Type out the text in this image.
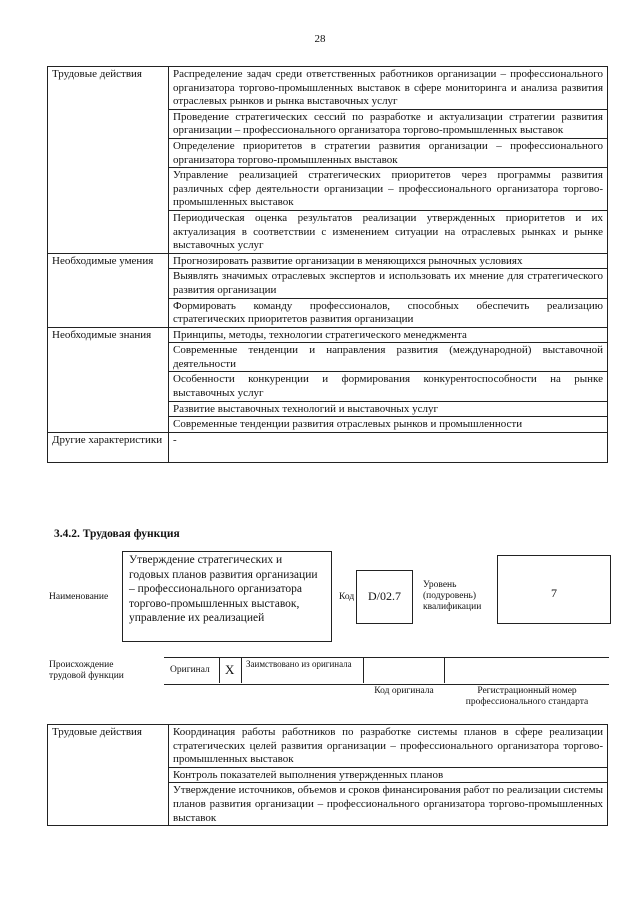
28
Трудовые действия	Распределение задач среди ответственных работников организации – профессионального организатора торгово-промышленных выставок в сфере мониторинга и анализа развития отраслевых рынков и рынка выставочных услуг
	Проведение стратегических сессий по разработке и актуализации стратегии развития организации – профессионального организатора торгово-промышленных выставок
	Определение приоритетов в стратегии развития организации – профессионального организатора торгово-промышленных выставок
	Управление реализацией стратегических приоритетов через программы развития различных сфер деятельности организации – профессионального организатора торгово-промышленных выставок
	Периодическая оценка результатов реализации утвержденных приоритетов и их актуализация в соответствии с изменением ситуации на отраслевых рынках и рынке выставочных услуг
Необходимые умения	Прогнозировать развитие организации в меняющихся рыночных условиях
	Выявлять значимых отраслевых экспертов и использовать их мнение для стратегического развития организации
	Формировать команду профессионалов, способных обеспечить реализацию стратегических приоритетов развития организации
Необходимые знания	Принципы, методы, технологии стратегического менеджмента
	Современные тенденции и направления развития (международной) выставочной деятельности
	Особенности конкуренции и формирования конкурентоспособности на рынке выставочных услуг
	Развитие выставочных технологий и выставочных услуг
	Современные тенденции развития отраслевых рынков и промышленности
Другие характеристики	-
3.4.2. Трудовая функция
Наименование
Утверждение стратегических и годовых планов развития организации – профессионального организатора торгово-промышленных выставок, управление их реализацией
Код	D/02.7
Уровень (подуровень) квалификации
7
Происхождение трудовой функции
Оригинал X Заимствовано из оригинала
Код оригинала	Регистрационный номер профессионального стандарта
Трудовые действия	Координация работы работников по разработке системы планов в сфере реализации стратегических целей развития организации – профессионального организатора торгово-промышленных выставок
Контроль показателей выполнения утвержденных планов
Утверждение источников, объемов и сроков финансирования работ по реализации системы планов развития организации – профессионального организатора торгово-промышленных выставок
